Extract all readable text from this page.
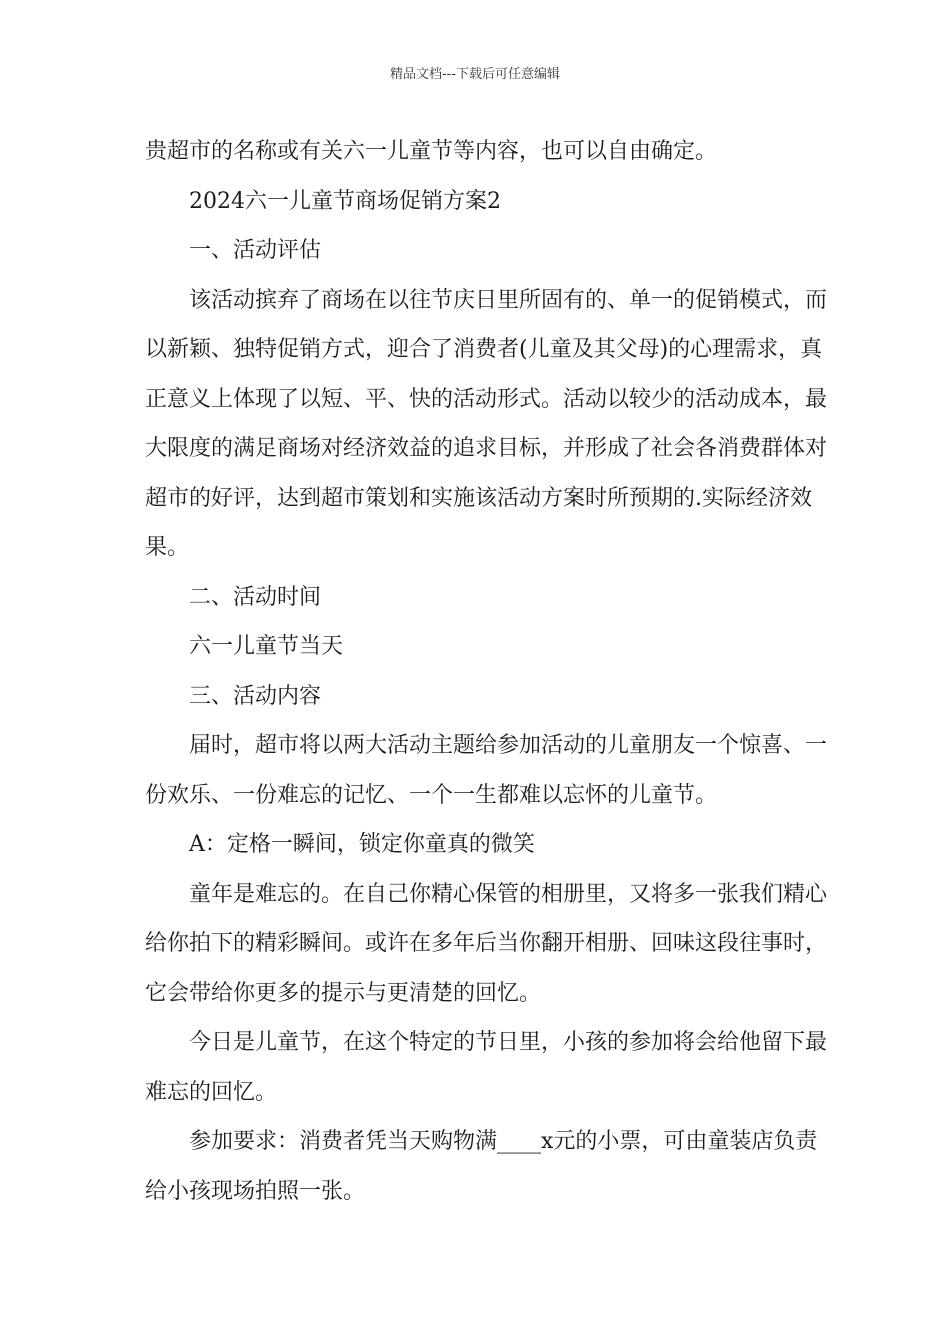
精品文档---下载后可任意编辑

贵超市的名称或有关六一儿童节等内容，也可以自由确定。

2024六一儿童节商场促销方案2

一、活动评估

该活动摈弃了商场在以往节庆日里所固有的、单一的促销模式，而以新颖、独特促销方式，迎合了消费者(儿童及其父母)的心理需求，真正意义上体现了以短、平、快的活动形式。活动以较少的活动成本，最大限度的满足商场对经济效益的追求目标，并形成了社会各消费群体对超市的好评，达到超市策划和实施该活动方案时所预期的.实际经济效果。

二、活动时间

六一儿童节当天

三、活动内容

届时，超市将以两大活动主题给参加活动的儿童朋友一个惊喜、一份欢乐、一份难忘的记忆、一个一生都难以忘怀的儿童节。

A：定格一瞬间，锁定你童真的微笑

童年是难忘的。在自己你精心保管的相册里，又将多一张我们精心给你拍下的精彩瞬间。或许在多年后当你翻开相册、回味这段往事时，它会带给你更多的提示与更清楚的回忆。

今日是儿童节，在这个特定的节日里，小孩的参加将会给他留下最难忘的回忆。

参加要求：消费者凭当天购物满____x元的小票，可由童装店负责给小孩现场拍照一张。
